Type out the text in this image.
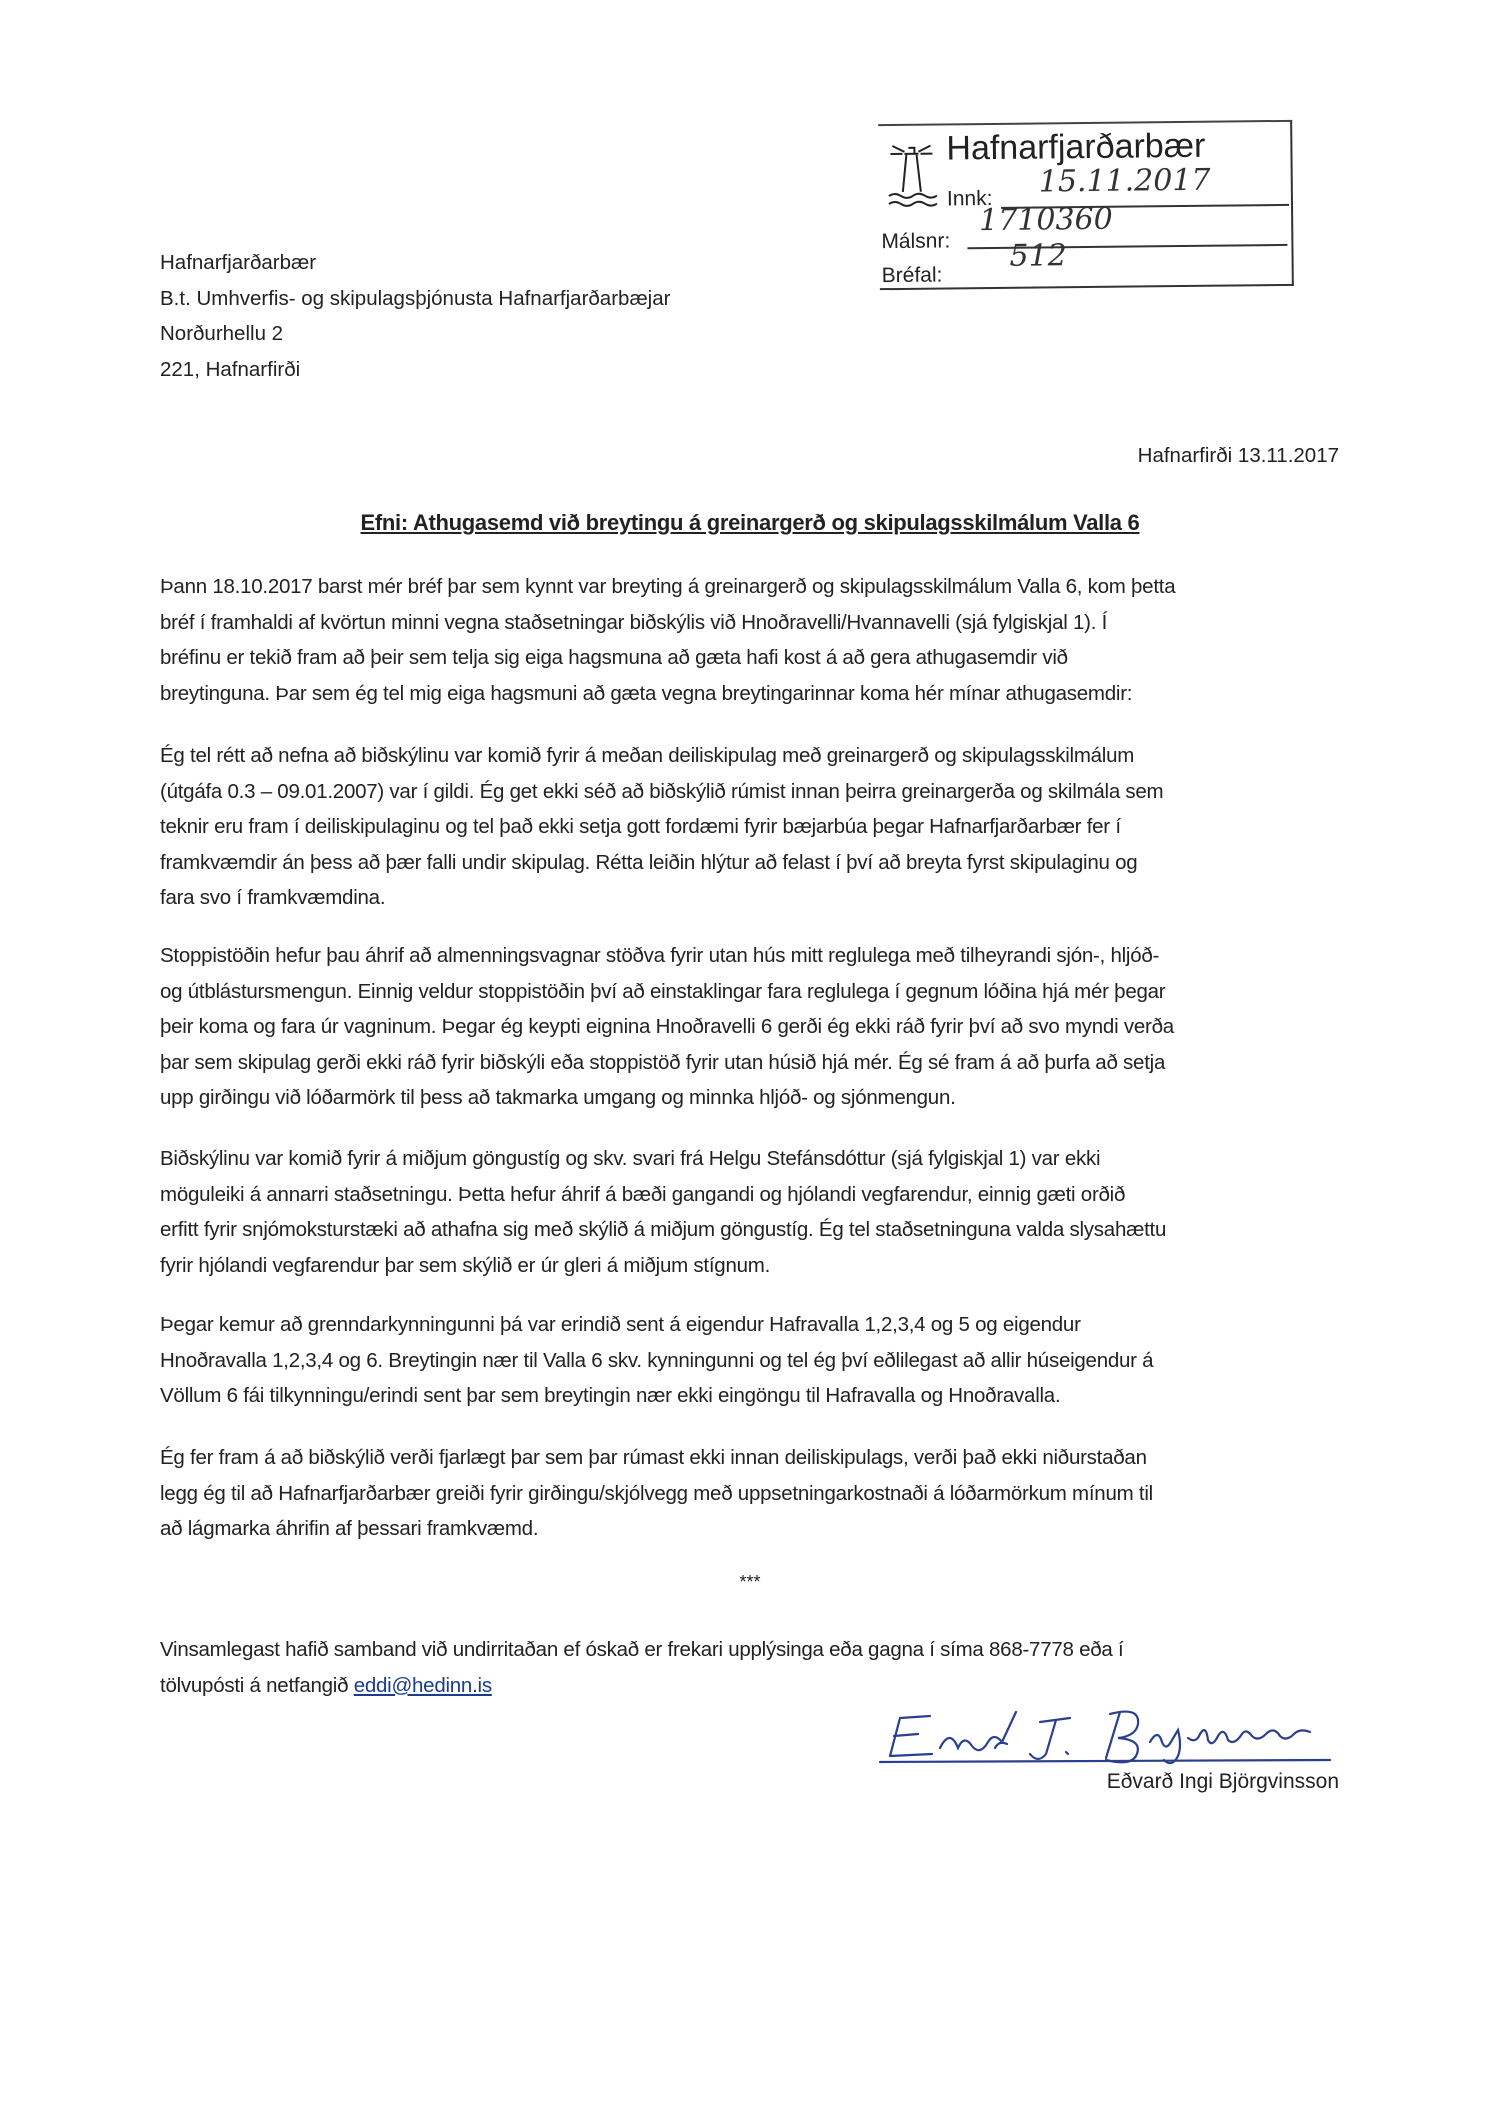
Hafnarfjarðarbær
15.11.2017
Innk:
1710360
Málsnr: 512
Bréfal:
Hafnarfjarðarbær
B.t. Umhverfis- og skipulagsþjónusta Hafnarfjarðarbæjar
Norðurhellu 2
221, Hafnarfirði
Hafnarfirði 13.11.2017
Efni: Athugasemd við breytingu á greinargerð og skipulagsskilmálum Valla 6
Þann 18.10.2017 barst mér bréf þar sem kynnt var breyting á greinargerð og skipulagsskilmálum Valla 6, kom þetta
bréf í framhaldi af kvörtun minni vegna staðsetningar biðskýlis við Hnoðravelli/Hvannavelli (sjá fylgiskjal 1). Í
bréfinu er tekið fram að þeir sem telja sig eiga hagsmuna að gæta hafi kost á að gera athugasemdir við
breytinguna. Þar sem ég tel mig eiga hagsmuni að gæta vegna breytingarinnar koma hér mínar athugasemdir:
Ég tel rétt að nefna að biðskýlinu var komið fyrir á meðan deiliskipulag með greinargerð og skipulagsskilmálum
(útgáfa 0.3 – 09.01.2007) var í gildi. Ég get ekki séð að biðskýlið rúmist innan þeirra greinargerða og skilmála sem
teknir eru fram í deiliskipulaginu og tel það ekki setja gott fordæmi fyrir bæjarbúa þegar Hafnarfjarðarbær fer í
framkvæmdir án þess að þær falli undir skipulag. Rétta leiðin hlýtur að felast í því að breyta fyrst skipulaginu og
fara svo í framkvæmdina.
Stoppistöðin hefur þau áhrif að almenningsvagnar stöðva fyrir utan hús mitt reglulega með tilheyrandi sjón-, hljóð-
og útblástursmengun. Einnig veldur stoppistöðin því að einstaklingar fara reglulega í gegnum lóðina hjá mér þegar
þeir koma og fara úr vagninum. Þegar ég keypti eignina Hnoðravelli 6 gerði ég ekki ráð fyrir því að svo myndi verða
þar sem skipulag gerði ekki ráð fyrir biðskýli eða stoppistöð fyrir utan húsið hjá mér. Ég sé fram á að þurfa að setja
upp girðingu við lóðarmörk til þess að takmarka umgang og minnka hljóð- og sjónmengun.
Biðskýlinu var komið fyrir á miðjum göngustíg og skv. svari frá Helgu Stefánsdóttur (sjá fylgiskjal 1) var ekki
möguleiki á annarri staðsetningu. Þetta hefur áhrif á bæði gangandi og hjólandi vegfarendur, einnig gæti orðið
erfitt fyrir snjómoksturstæki að athafna sig með skýlið á miðjum göngustíg. Ég tel staðsetninguna valda slysahættu
fyrir hjólandi vegfarendur þar sem skýlið er úr gleri á miðjum stígnum.
Þegar kemur að grenndarkynningunni þá var erindið sent á eigendur Hafravalla 1,2,3,4 og 5 og eigendur
Hnoðravalla 1,2,3,4 og 6. Breytingin nær til Valla 6 skv. kynningunni og tel ég því eðlilegast að allir húseigendur á
Völlum 6 fái tilkynningu/erindi sent þar sem breytingin nær ekki eingöngu til Hafravalla og Hnoðravalla.
Ég fer fram á að biðskýlið verði fjarlægt þar sem þar rúmast ekki innan deiliskipulags, verði það ekki niðurstaðan
legg ég til að Hafnarfjarðarbær greiði fyrir girðingu/skjólvegg með uppsetningarkostnaði á lóðarmörkum mínum til
að lágmarka áhrifin af þessari framkvæmd.
***
Vinsamlegast hafið samband við undirritaðan ef óskað er frekari upplýsinga eða gagna í síma 868-7778 eða í
tölvupósti á netfangið eddi@hedinn.is
Eðvarð Ingi Björgvinsson
